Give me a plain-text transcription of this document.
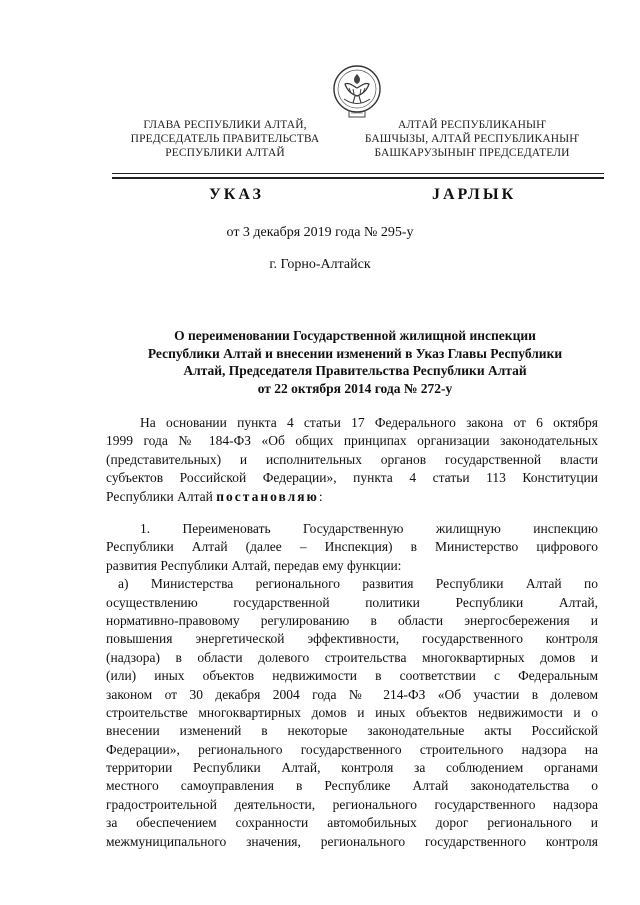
ГЛАВА РЕСПУБЛИКИ АЛТАЙ,
ПРЕДСЕДАТЕЛЬ ПРАВИТЕЛЬСТВА
РЕСПУБЛИКИ АЛТАЙ
АЛТАЙ РЕСПУБЛИКАНЫҤ
БАШЧЫЗЫ, АЛТАЙ РЕСПУБЛИКАНЫҤ
БАШКАРУЗЫНЫҤ ПРЕДСЕДАТЕЛИ
УКАЗ	JАРЛЫК
от 3 декабря 2019 года № 295-у
г. Горно-Алтайск
О переименовании Государственной жилищной инспекции
Республики Алтай и внесении изменений в Указ Главы Республики
Алтай, Председателя Правительства Республики Алтай
от 22 октября 2014 года № 272-у
На основании пункта 4 статьи 17 Федерального закона от 6 октября
1999 года № 184-ФЗ «Об общих принципах организации законодательных
(представительных) и исполнительных органов государственной власти
субъектов Российской Федерации», пункта 4 статьи 113 Конституции
Республики Алтай постановляю:
1. Переименовать Государственную жилищную инспекцию
Республики Алтай (далее – Инспекция) в Министерство цифрового
развития Республики Алтай, передав ему функции:
а) Министерства регионального развития Республики Алтай по
осуществлению государственной политики Республики Алтай,
нормативно-правовому регулированию в области энергосбережения и
повышения энергетической эффективности, государственного контроля
(надзора) в области долевого строительства многоквартирных домов и
(или) иных объектов недвижимости в соответствии с Федеральным
законом от 30 декабря 2004 года № 214-ФЗ «Об участии в долевом
строительстве многоквартирных домов и иных объектов недвижимости и о
внесении изменений в некоторые законодательные акты Российской
Федерации», регионального государственного строительного надзора на
территории Республики Алтай, контроля за соблюдением органами
местного самоуправления в Республике Алтай законодательства о
градостроительной деятельности, регионального государственного надзора
за обеспечением сохранности автомобильных дорог регионального и
межмуниципального значения, регионального государственного контроля
